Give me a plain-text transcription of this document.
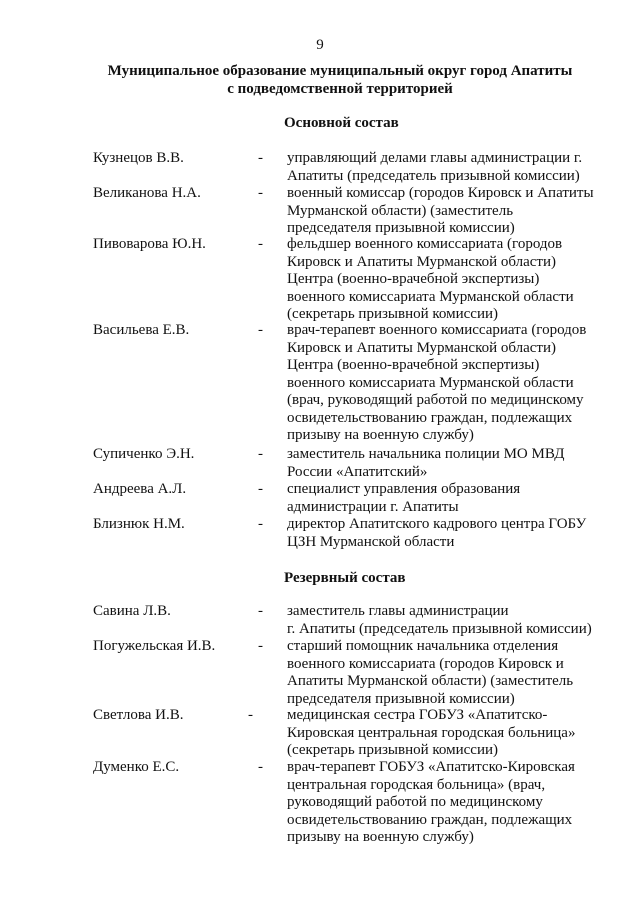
9
Муниципальное образование муниципальный округ город Апатиты
с подведомственной территорией
Основной состав
Кузнецов В.В.	- управляющий делами главы администрации г.
Апатиты (председатель призывной комиссии)
Великанова Н.А.	- военный комиссар (городов Кировск и Апатиты
Мурманской области) (заместитель
председателя призывной комиссии)
Пивоварова Ю.Н.	- фельдшер военного комиссариата (городов
Кировск и Апатиты Мурманской области)
Центра (военно-врачебной экспертизы)
военного комиссариата Мурманской области
(секретарь призывной комиссии)
Васильева Е.В.	- врач-терапевт военного комиссариата (городов
Кировск и Апатиты Мурманской области)
Центра (военно-врачебной экспертизы)
военного комиссариата Мурманской области
(врач, руководящий работой по медицинскому
освидетельствованию граждан, подлежащих
призыву на военную службу)
Супиченко Э.Н.	- заместитель начальника полиции МО МВД
России «Апатитский»
Андреева А.Л.	- специалист управления образования
администрации г. Апатиты
Близнюк Н.М.	- директор Апатитского кадрового центра ГОБУ
ЦЗН Мурманской области
Резервный состав
Савина Л.В.	- заместитель главы администрации
г. Апатиты (председатель призывной комиссии)
Погужельская И.В.	- старший помощник начальника отделения
военного комиссариата (городов Кировск и
Апатиты Мурманской области) (заместитель
председателя призывной комиссии)
Светлова И.В.	- медицинская сестра ГОБУЗ «Апатитско-
Кировская центральная городская больница»
(секретарь призывной комиссии)
Думенко Е.С.	- врач-терапевт ГОБУЗ «Апатитско-Кировская
центральная городская больница» (врач,
руководящий работой по медицинскому
освидетельствованию граждан, подлежащих
призыву на военную службу)
